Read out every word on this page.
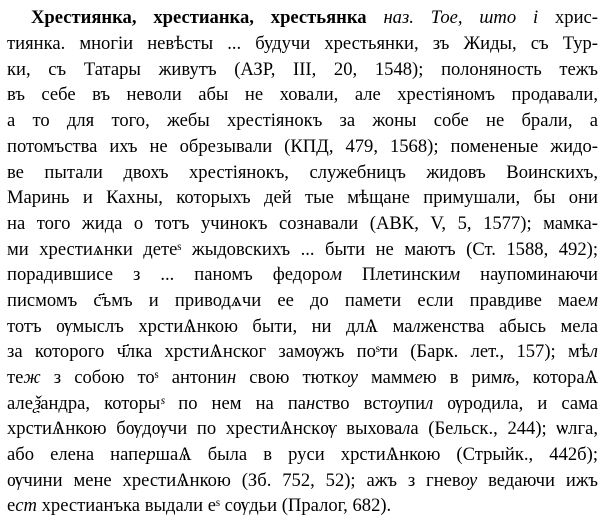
Хрестиянка, хрестианка, хрестьянка наз. Тое, што і хрис-
тиянка. многіи невѣсты ... будучи хрестьянки, зъ Жиды, съ Тур-
ки, съ Татары живутъ (АЗР, III, 20, 1548); полоняность тежъ
въ себе въ неволи абы не ховали, але хрестіяномъ продавали,
а то для того, жебы хрестіянокъ за жоны собе не брали, а
потомъства ихъ не обрезывали (КПД, 479, 1568); помененые жидо-
ве пытали двохъ хрестіянокъ, служебницъ жидовъ Воинскихъ,
Маринь и Кахны, которыхъ дей тые мѣщане примушали, бы они
на того жида о тотъ учинокъ сознавали (АВК, V, 5, 1577); мамка-
ми хрестиѧнки детеˢ жыдовскихъ ... быти не маютъ (Ст. 1588, 492);
порадившисе з ... паномъ федором Плетинским наупоминаючи
писмомъ с҃ъмъ и приводѧчи ее до памети если правдиве маем
тотъ ѹмыслъ хрстиѦнкою быти, ни длѦ малженства абысь мела
за которого ч҃лка хрстиѦнског замѹжъ поˢти (Барк. лет., 157); мѣл
теж з собою тоˢ антонин свою тюткѹ маммею в римѣ, котораѦ
алеѯандра, которыˢ по нем на панство встѹпил ѹродила, и сама
хрстиѦнкою бѹдѹчи по хрестиѦнскѹ выховала (Бельск., 244); ѡлга,
або елена напершаѦ была в руси хрстиѦнкою (Стрыйк., 442б);
ѹчини мене хрестиѦнкою (Зб. 752, 52); ажъ з гневѹ ведаючи ижъ
ест хрестианъка выдали еˢ сѹдьи (Пралог, 682).
